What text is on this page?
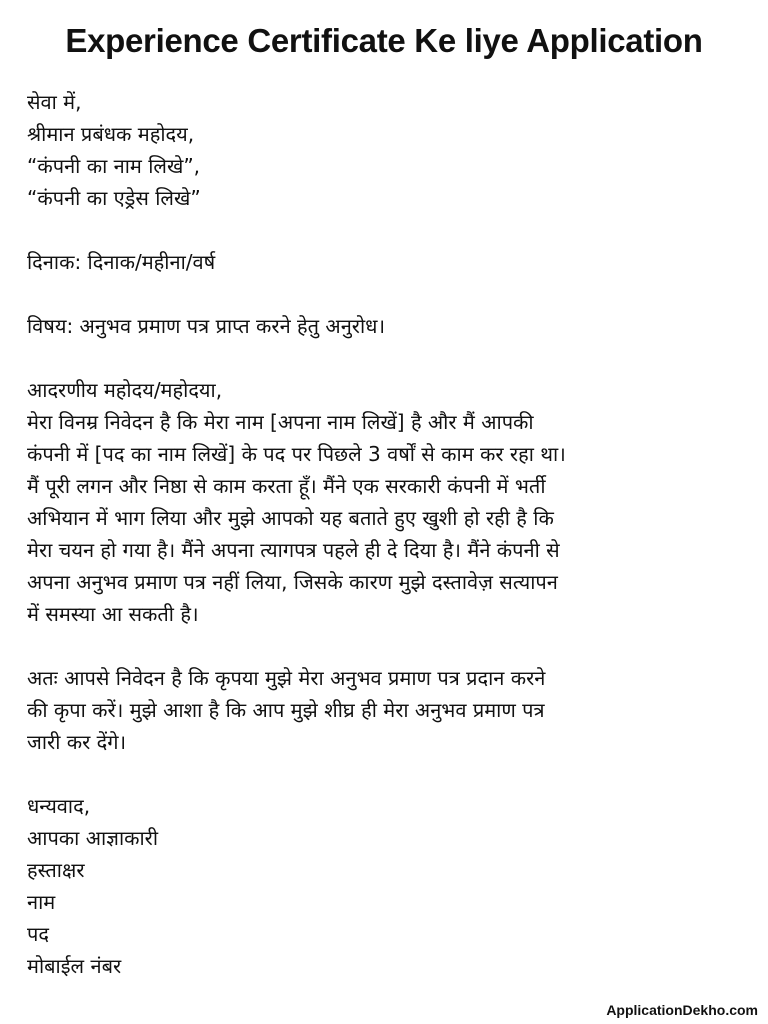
Experience Certificate Ke liye Application
सेवा में,
श्रीमान प्रबंधक महोदय,
“कंपनी का नाम लिखे”,
“कंपनी का एड्रेस लिखे”
दिनाक: दिनाक/महीना/वर्ष
विषय: अनुभव प्रमाण पत्र प्राप्त करने हेतु अनुरोध।
आदरणीय महोदय/महोदया,
मेरा विनम्र निवेदन है कि मेरा नाम [अपना नाम लिखें] है और मैं आपकी
कंपनी में [पद का नाम लिखें] के पद पर पिछले 3 वर्षों से काम कर रहा था।
मैं पूरी लगन और निष्ठा से काम करता हूँ। मैंने एक सरकारी कंपनी में भर्ती
अभियान में भाग लिया और मुझे आपको यह बताते हुए खुशी हो रही है कि
मेरा चयन हो गया है। मैंने अपना त्यागपत्र पहले ही दे दिया है। मैंने कंपनी से
अपना अनुभव प्रमाण पत्र नहीं लिया, जिसके कारण मुझे दस्तावेज़ सत्यापन
में समस्या आ सकती है।
अतः आपसे निवेदन है कि कृपया मुझे मेरा अनुभव प्रमाण पत्र प्रदान करने
की कृपा करें। मुझे आशा है कि आप मुझे शीघ्र ही मेरा अनुभव प्रमाण पत्र
जारी कर देंगे।
धन्यवाद,
आपका आज्ञाकारी
हस्ताक्षर
नाम
पद
मोबाईल नंबर
ApplicationDekho.com
